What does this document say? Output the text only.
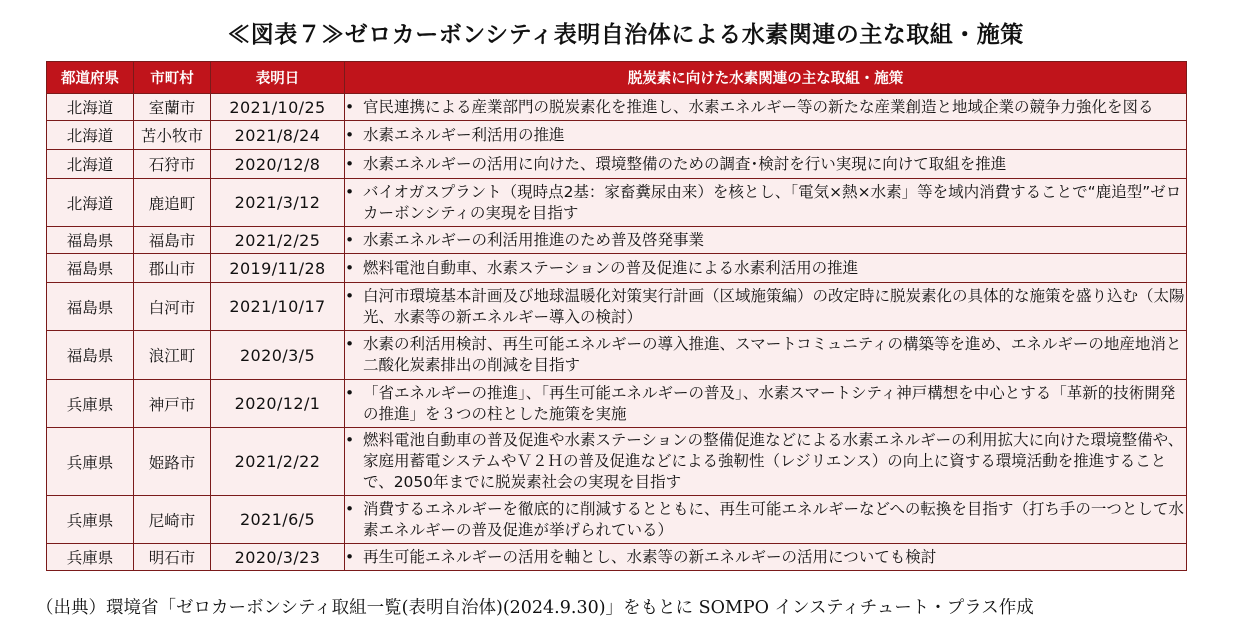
≪図表７≫ゼロカーボンシティ表明自治体による水素関連の主な取組・施策
都道府県	市町村	表明日	脱炭素に向けた水素関連の主な取組・施策
北海道	室蘭市	2021/10/25	• 官民連携による産業部門の脱炭素化を推進し、水素エネルギー等の新たな産業創造と地域企業の競争力強化を図る

北海道	苫小牧市	2021/8/24	• 水素エネルギー利活用の推進

北海道	石狩市	2020/12/8	• 水素エネルギーの活用に向けた、環境整備のための調査･検討を行い実現に向けて取組を推進

北海道	鹿追町	2021/3/12	• バイオガスプラント（現時点2基：家畜糞尿由来）を核とし、「電気×熱×水素」等を域内消費することで“鹿追型”ゼロカーボンシティの実現を目指す

福島県	福島市	2021/2/25	• 水素エネルギーの利活用推進のため普及啓発事業

福島県	郡山市	2019/11/28	• 燃料電池自動車、水素ステーションの普及促進による水素利活用の推進

福島県	白河市	2021/10/17	• 白河市環境基本計画及び地球温暖化対策実行計画（区域施策編）の改定時に脱炭素化の具体的な施策を盛り込む（太陽光、水素等の新エネルギー導入の検討）

福島県	浪江町	2020/3/5	• 水素の利活用検討、再生可能エネルギーの導入推進、スマートコミュニティの構築等を進め、エネルギーの地産地消と二酸化炭素排出の削減を目指す

兵庫県	神戸市	2020/12/1	• 「省エネルギーの推進」、「再生可能エネルギーの普及」、水素スマートシティ神戸構想を中心とする「革新的技術開発の推進」を３つの柱とした施策を実施

兵庫県	姫路市	2021/2/22	• 燃料電池自動車の普及促進や水素ステーションの整備促進などによる水素エネルギーの利用拡大に向けた環境整備や、家庭用蓄電システムやＶ２Ｈの普及促進などによる強靭性（レジリエンス）の向上に資する環境活動を推進することで、2050年までに脱炭素社会の実現を目指す

兵庫県	尼崎市	2021/6/5	• 消費するエネルギーを徹底的に削減するとともに、再生可能エネルギーなどへの転換を目指す（打ち手の一つとして水素エネルギーの普及促進が挙げられている）

兵庫県	明石市	2020/3/23	• 再生可能エネルギーの活用を軸とし、水素等の新エネルギーの活用についても検討
（出典）環境省「ゼロカーボンシティ取組一覧(表明自治体)(2024.9.30)」をもとに SOMPO インスティチュート・プラス作成
